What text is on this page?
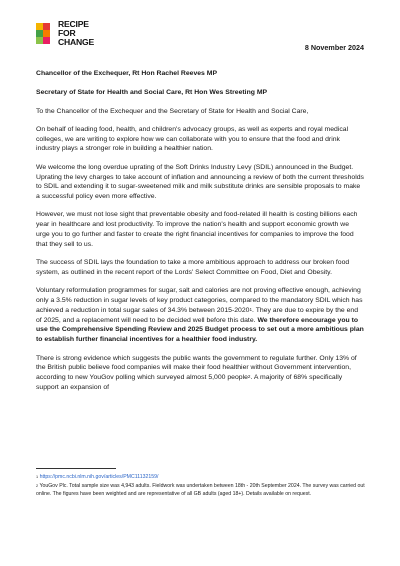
RECIPE
FOR
CHANGE
8 November 2024

Chancellor of the Exchequer, Rt Hon Rachel Reeves MP

Secretary of State for Health and Social Care, Rt Hon Wes Streeting MP

To the Chancellor of the Exchequer and the Secretary of State for Health and Social Care,

On behalf of leading food, health, and children's advocacy groups, as well as experts and royal medical colleges, we are writing to explore how we can collaborate with you to ensure that the food and drink industry plays a stronger role in building a healthier nation.

We welcome the long overdue uprating of the Soft Drinks Industry Levy (SDIL) announced in the Budget. Uprating the levy charges to take account of inflation and announcing a review of both the current thresholds to SDIL and extending it to sugar-sweetened milk and milk substitute drinks are sensible proposals to make a successful policy even more effective.

However, we must not lose sight that preventable obesity and food-related ill health is costing billions each year in healthcare and lost productivity. To improve the nation's health and support economic growth we urge you to go further and faster to create the right financial incentives for companies to improve the food that they sell to us.

The success of SDIL lays the foundation to take a more ambitious approach to address our broken food system, as outlined in the recent report of the Lords' Select Committee on Food, Diet and Obesity.

Voluntary reformulation programmes for sugar, salt and calories are not proving effective enough, achieving only a 3.5% reduction in sugar levels of key product categories, compared to the mandatory SDIL which has achieved a reduction in total sugar sales of 34.3% between 2015-2020$^1$. They are due to expire by the end of 2025, and a replacement will need to be decided well before this date. We therefore encourage you to use the Comprehensive Spending Review and 2025 Budget process to set out a more ambitious plan to establish further financial incentives for a healthier food industry.

There is strong evidence which suggests the public wants the government to regulate further. Only 13% of the British public believe food companies will make their food healthier without Government intervention, according to new YouGov polling which surveyed almost 5,000 people$^2$. A majority of 68% specifically support an expansion of

$^1$ https://pmc.ncbi.nlm.nih.gov/articles/PMC11132159/
$^2$ YouGov Plc. Total sample size was 4,943 adults. Fieldwork was undertaken between 18th - 20th September 2024. The survey was carried out online. The figures have been weighted and are representative of all GB adults (aged 18+). Details available on request.
